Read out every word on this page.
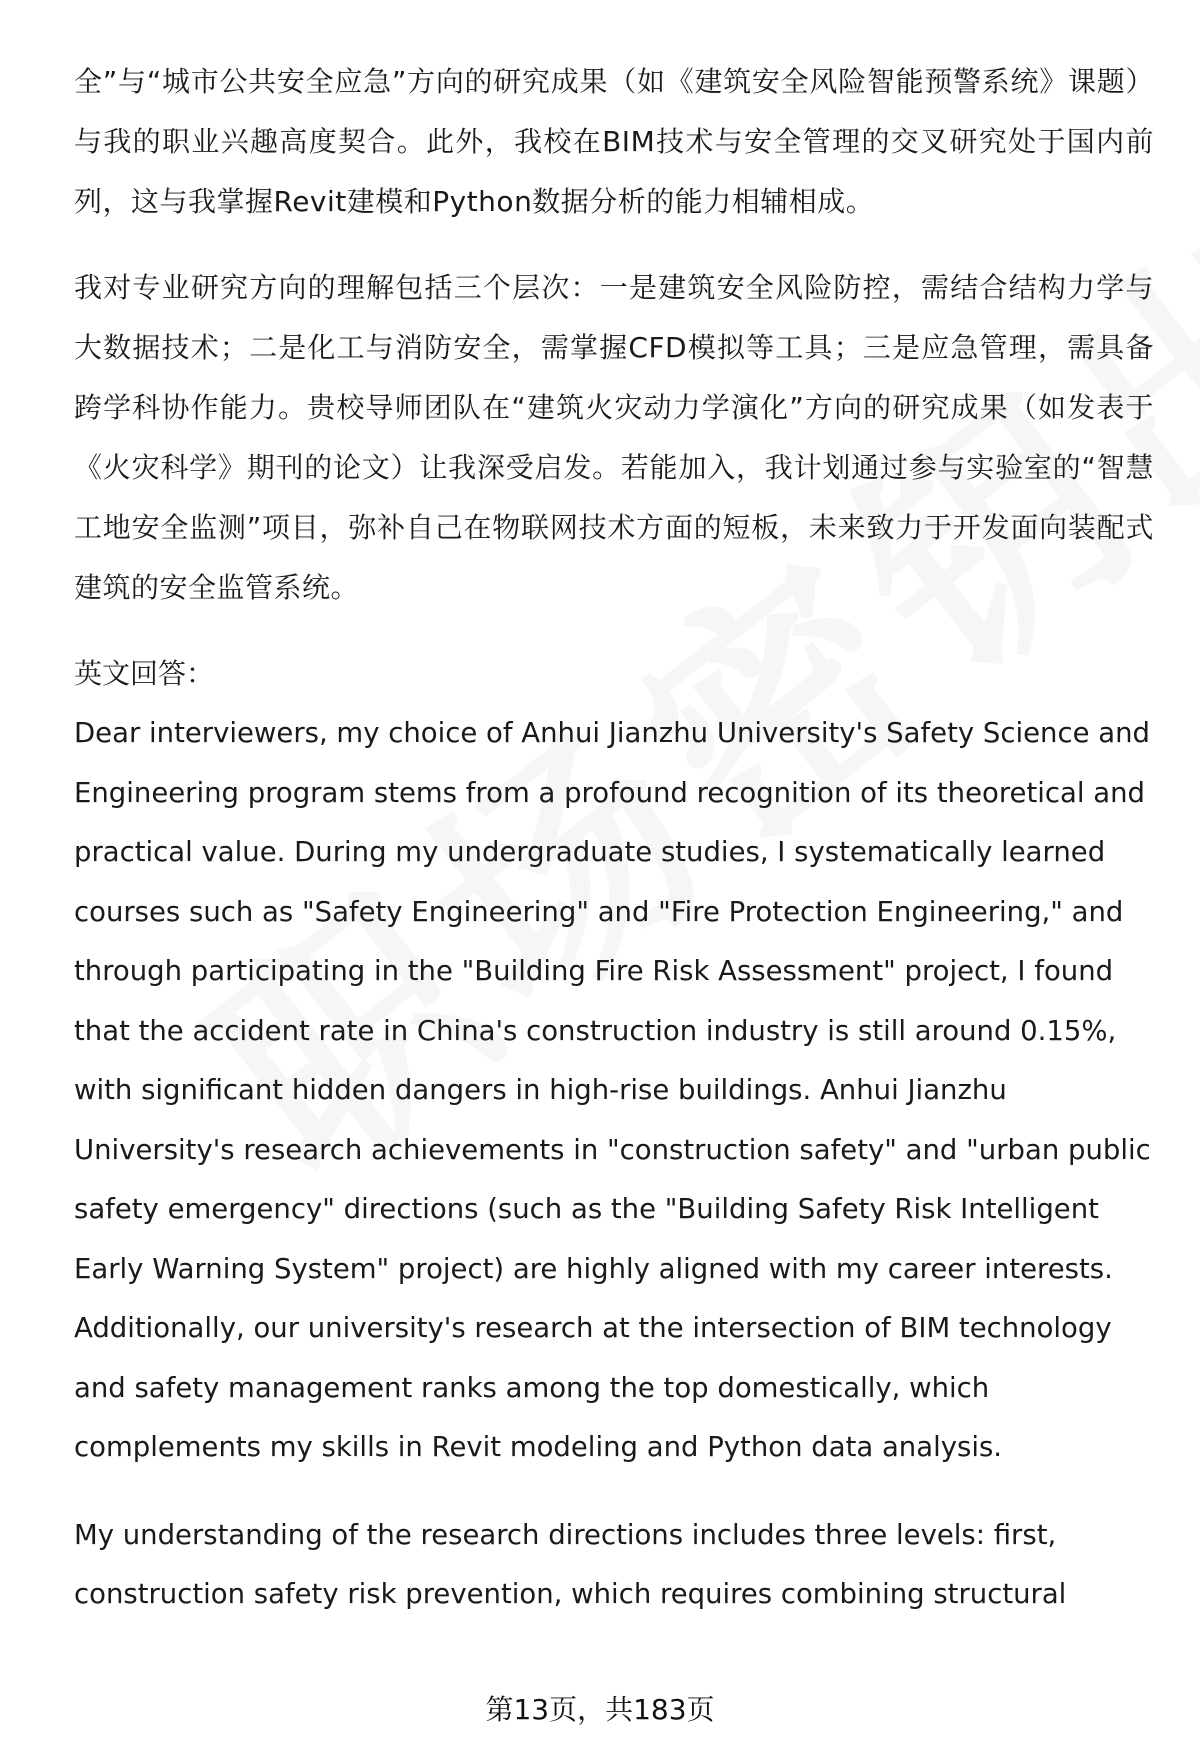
全”与“城市公共安全应急”方向的研究成果（如《建筑安全风险智能预警系统》课题）与我的职业兴趣高度契合。此外，我校在BIM技术与安全管理的交叉研究处于国内前列，这与我掌握Revit建模和Python数据分析的能力相辅相成。

我对专业研究方向的理解包括三个层次：一是建筑安全风险防控，需结合结构力学与大数据技术；二是化工与消防安全，需掌握CFD模拟等工具；三是应急管理，需具备跨学科协作能力。贵校导师团队在“建筑火灾动力学演化”方向的研究成果（如发表于《火灾科学》期刊的论文）让我深受启发。若能加入，我计划通过参与实验室的“智慧工地安全监测”项目，弥补自己在物联网技术方面的短板，未来致力于开发面向装配式建筑的安全监管系统。

英文回答：

Dear interviewers, my choice of Anhui Jianzhu University's Safety Science and Engineering program stems from a profound recognition of its theoretical and practical value. During my undergraduate studies, I systematically learned courses such as "Safety Engineering" and "Fire Protection Engineering," and through participating in the "Building Fire Risk Assessment" project, I found that the accident rate in China's construction industry is still around 0.15%, with significant hidden dangers in high-rise buildings. Anhui Jianzhu University's research achievements in "construction safety" and "urban public safety emergency" directions (such as the "Building Safety Risk Intelligent Early Warning System" project) are highly aligned with my career interests. Additionally, our university's research at the intersection of BIM technology and safety management ranks among the top domestically, which complements my skills in Revit modeling and Python data analysis.

My understanding of the research directions includes three levels: first, construction safety risk prevention, which requires combining structural

第13页，共183页
